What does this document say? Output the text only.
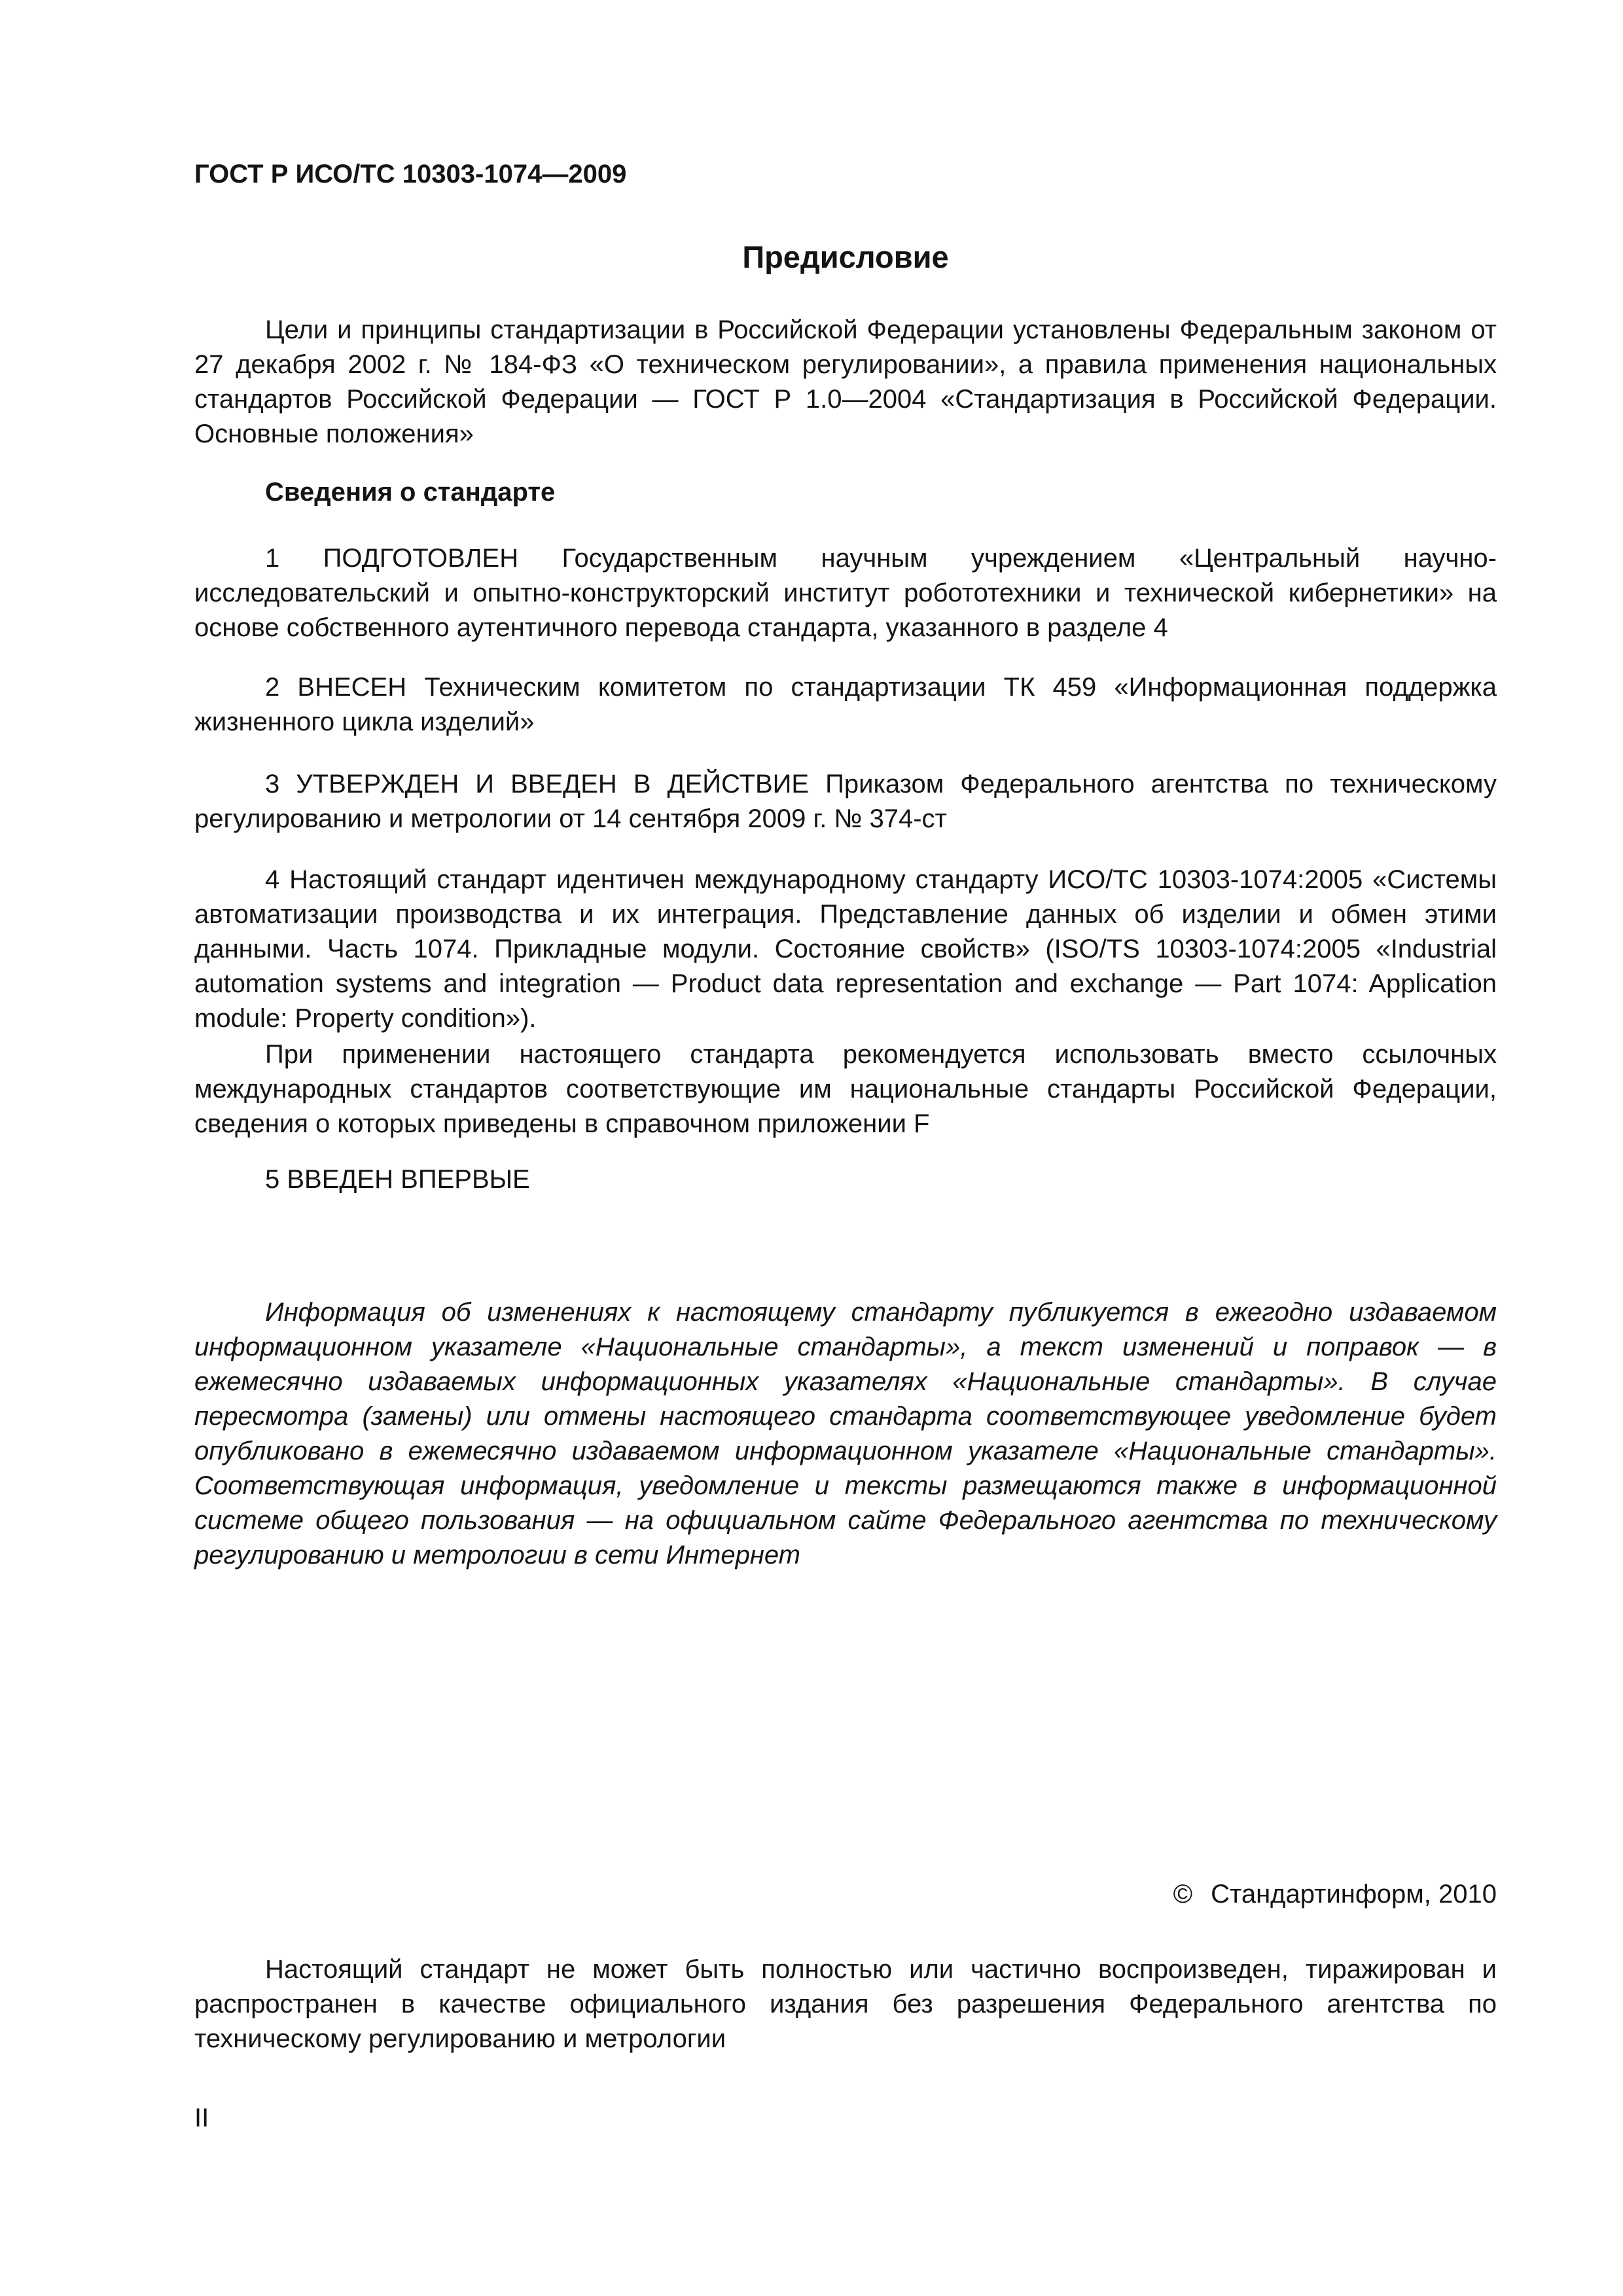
ГОСТ Р ИСО/ТС 10303-1074—2009
Предисловие

Цели и принципы стандартизации в Российской Федерации установлены Федеральным законом от 27 декабря 2002 г. № 184-ФЗ «О техническом регулировании», а правила применения национальных стандартов Российской Федерации — ГОСТ Р 1.0—2004 «Стандартизация в Российской Федерации. Основные положения»

Сведения о стандарте

1 ПОДГОТОВЛЕН Государственным научным учреждением «Центральный научно-исследовательский и опытно-конструкторский институт робототехники и технической кибернетики» на основе собственного аутентичного перевода стандарта, указанного в разделе 4

2 ВНЕСЕН Техническим комитетом по стандартизации ТК 459 «Информационная поддержка жизненного цикла изделий»

3 УТВЕРЖДЕН И ВВЕДЕН В ДЕЙСТВИЕ Приказом Федерального агентства по техническому регулированию и метрологии от 14 сентября 2009 г. № 374-ст

4 Настоящий стандарт идентичен международному стандарту ИСО/ТС 10303-1074:2005 «Системы автоматизации производства и их интеграция. Представление данных об изделии и обмен этими данными. Часть 1074. Прикладные модули. Состояние свойств» (ISO/TS 10303-1074:2005 «Industrial automation systems and integration — Product data representation and exchange — Part 1074: Application module: Property condition»).

При применении настоящего стандарта рекомендуется использовать вместо ссылочных международных стандартов соответствующие им национальные стандарты Российской Федерации, сведения о которых приведены в справочном приложении F

5 ВВЕДЕН ВПЕРВЫЕ

Информация об изменениях к настоящему стандарту публикуется в ежегодно издаваемом информационном указателе «Национальные стандарты», а текст изменений и поправок — в ежемесячно издаваемых информационных указателях «Национальные стандарты». В случае пересмотра (замены) или отмены настоящего стандарта соответствующее уведомление будет опубликовано в ежемесячно издаваемом информационном указателе «Национальные стандарты». Соответствующая информация, уведомление и тексты размещаются также в информационной системе общего пользования — на официальном сайте Федерального агентства по техническому регулированию и метрологии в сети Интернет

© Стандартинформ, 2010

Настоящий стандарт не может быть полностью или частично воспроизведен, тиражирован и распространен в качестве официального издания без разрешения Федерального агентства по техническому регулированию и метрологии

II
